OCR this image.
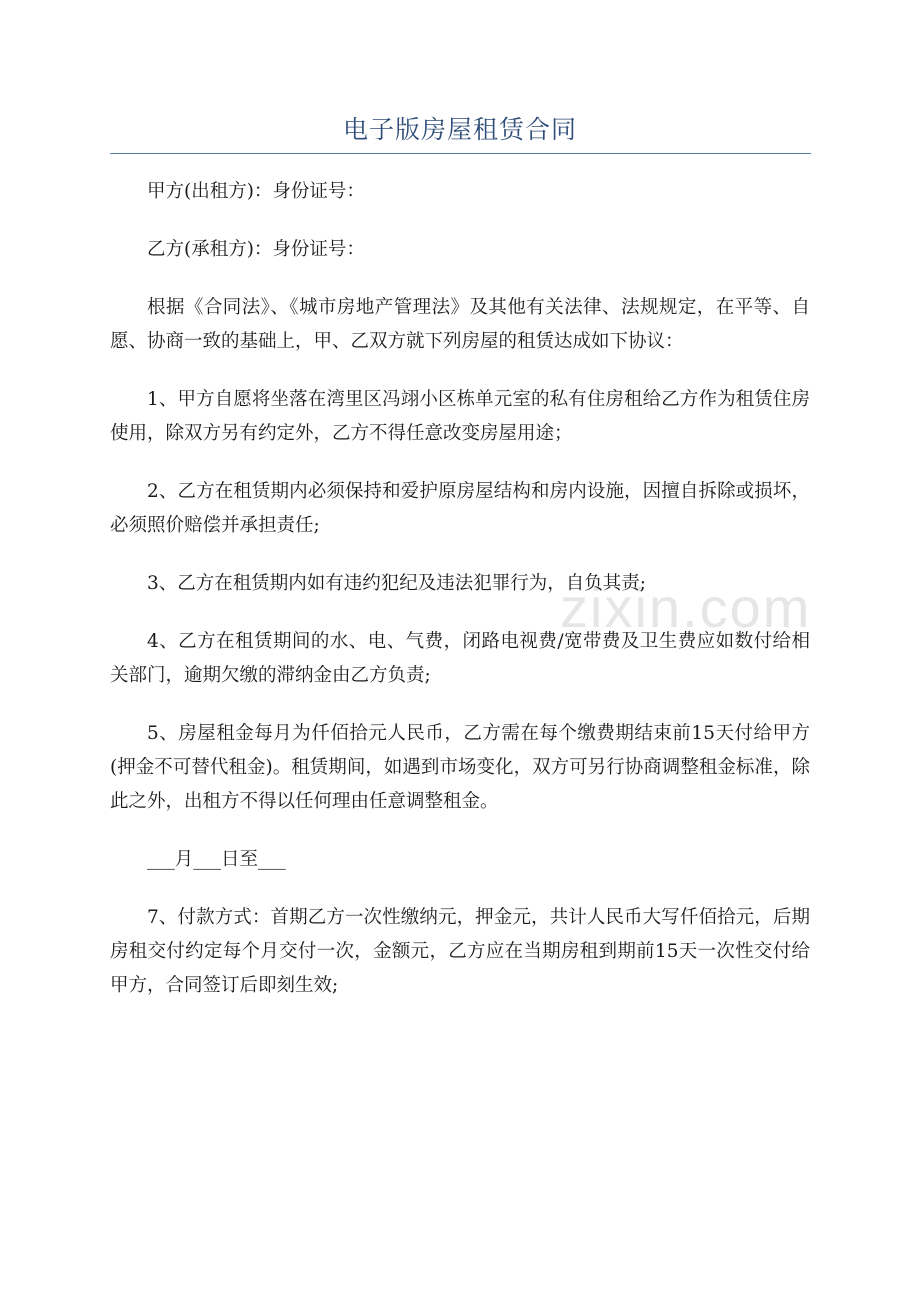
电子版房屋租赁合同
zixin.com

甲方(出租方)：身份证号：

乙方(承租方)：身份证号：

根据《合同法》、《城市房地产管理法》及其他有关法律、法规规定，在平等、自愿、协商一致的基础上，甲、乙双方就下列房屋的租赁达成如下协议：

1、甲方自愿将坐落在湾里区冯翊小区栋单元室的私有住房租给乙方作为租赁住房使用，除双方另有约定外，乙方不得任意改变房屋用途；

2、乙方在租赁期内必须保持和爱护原房屋结构和房内设施，因擅自拆除或损坏，必须照价赔偿并承担责任;

3、乙方在租赁期内如有违约犯纪及违法犯罪行为，自负其责;

4、乙方在租赁期间的水、电、气费，闭路电视费/宽带费及卫生费应如数付给相关部门，逾期欠缴的滞纳金由乙方负责;

5、房屋租金每月为仟佰拾元人民币，乙方需在每个缴费期结束前15天付给甲方(押金不可替代租金)。租赁期间，如遇到市场变化，双方可另行协商调整租金标准，除此之外，出租方不得以任何理由任意调整租金。

___月___日至___

7、付款方式：首期乙方一次性缴纳元，押金元，共计人民币大写仟佰拾元，后期房租交付约定每个月交付一次，金额元，乙方应在当期房租到期前15天一次性交付给甲方，合同签订后即刻生效;
